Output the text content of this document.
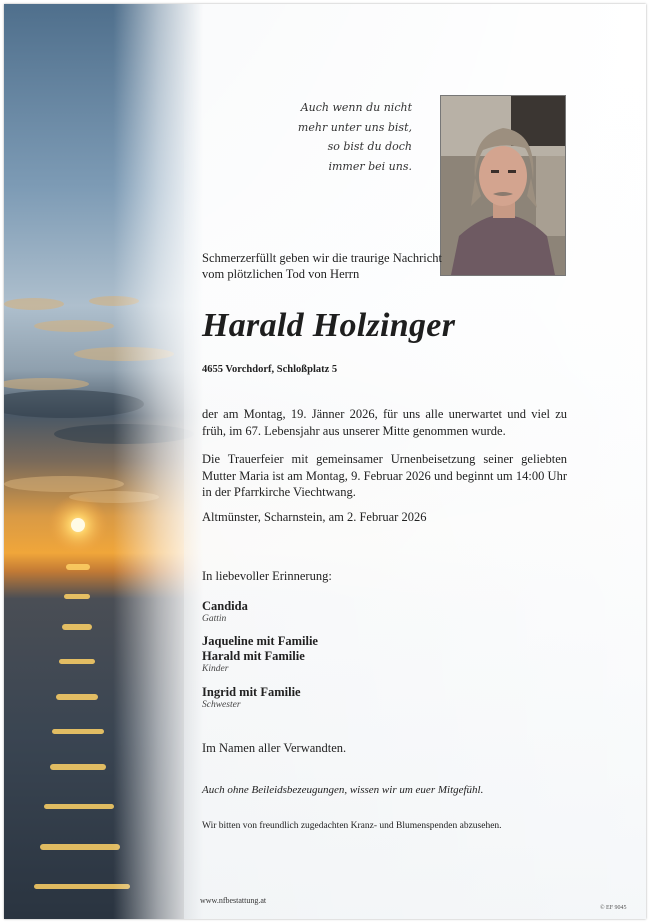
Auch wenn du nicht
mehr unter uns bist,
so bist du doch
immer bei uns.
Schmerzerfüllt geben wir die traurige Nachricht vom plötzlichen Tod von Herrn
Harald Holzinger
4655 Vorchdorf, Schloßplatz 5
der am Montag, 19. Jänner 2026, für uns alle unerwartet und viel zu früh, im 67. Lebensjahr aus unserer Mitte genommen wurde.
Die Trauerfeier mit gemeinsamer Urnenbeisetzung seiner geliebten Mutter Maria ist am Montag, 9. Februar 2026 und beginnt um 14:00 Uhr in der Pfarrkirche Viechtwang.
Altmünster, Scharnstein, am 2. Februar 2026
In liebevoller Erinnerung:
Candida
Gattin
Jaqueline mit Familie
Harald mit Familie
Kinder
Ingrid mit Familie
Schwester
Im Namen aller Verwandten.
Auch ohne Beileidsbezeugungen, wissen wir um euer Mitgefühl.
Wir bitten von freundlich zugedachten Kranz- und Blumenspenden abzusehen.
www.nfbestattung.at
© EF 9045
